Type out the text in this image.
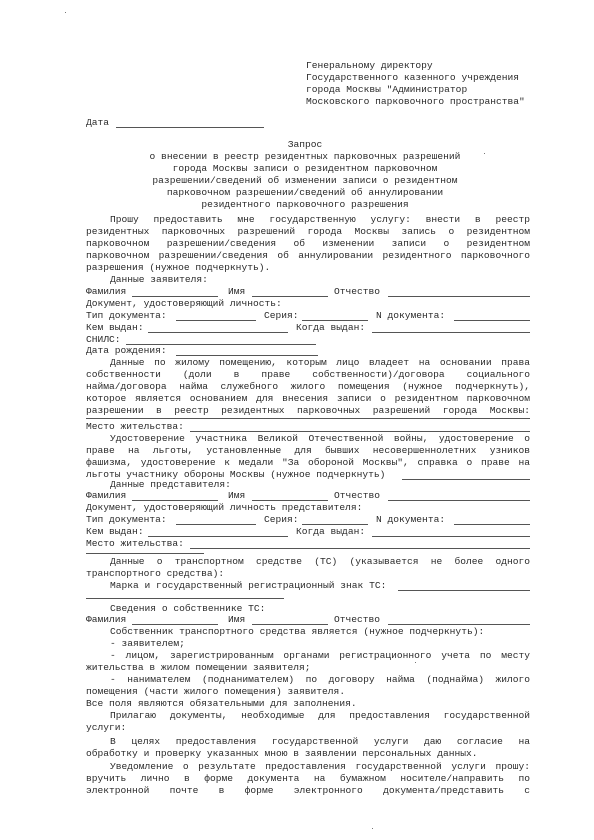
Генеральному директору
Государственного казенного учреждения
города Москвы "Администратор
Московского парковочного пространства"
Дата
Запрос
о внесении в реестр резидентных парковочных разрешений
города Москвы записи о резидентном парковочном
разрешении/сведений об изменении записи о резидентном
парковочном разрешении/сведений об аннулировании
резидентного парковочного разрешения
Прошу предоставить мне государственную услугу: внести в реестр
резидентных парковочных разрешений города Москвы запись о резидентном
парковочном разрешении/сведения об изменении записи о резидентном
парковочном разрешении/сведения об аннулировании резидентного парковочного
разрешения (нужное подчеркнуть).
Данные заявителя:
Фамилия	Имя	Отчество
Документ, удостоверяющий личность:
Тип документа:	Серия:	N документа:
Кем выдан:	Когда выдан:
СНИЛС:
Дата рождения:
Данные по жилому помещению, которым лицо владеет на основании права
собственности (доли в праве собственности)/договора социального
найма/договора найма служебного жилого помещения (нужное подчеркнуть),
которое является основанием для внесения записи о резидентном парковочном
разрешении в реестр резидентных парковочных разрешений города Москвы:
Место жительства:
Удостоверение участника Великой Отечественной войны, удостоверение о
праве на льготы, установленные для бывших несовершеннолетних узников
фашизма, удостоверение к медали "За обороной Москвы", справка о праве на
льготы участнику обороны Москвы (нужное подчеркнуть)
Данные представителя:
Фамилия	Имя	Отчество
Документ, удостоверяющий личность представителя:
Тип документа:	Серия:	N документа:
Кем выдан:	Когда выдан:
Место жительства:
Данные о транспортном средстве (ТС) (указывается не более одного
транспортного средства):
Марка и государственный регистрационный знак ТС:
Сведения о собственнике ТС:
Фамилия	Имя	Отчество
Собственник транспортного средства является (нужное подчеркнуть):
- заявителем;
- лицом, зарегистрированным органами регистрационного учета по месту
жительства в жилом помещении заявителя;
- нанимателем (поднанимателем) по договору найма (поднайма) жилого
помещения (части жилого помещения) заявителя.
Все поля являются обязательными для заполнения.
Прилагаю документы, необходимые для предоставления государственной
услуги:
В целях предоставления государственной услуги даю согласие на
обработку и проверку указанных мною в заявлении персональных данных.
Уведомление о результате предоставления государственной услуги прошу:
вручить лично в форме документа на бумажном носителе/направить по
электронной почте в форме электронного документа/представить с
